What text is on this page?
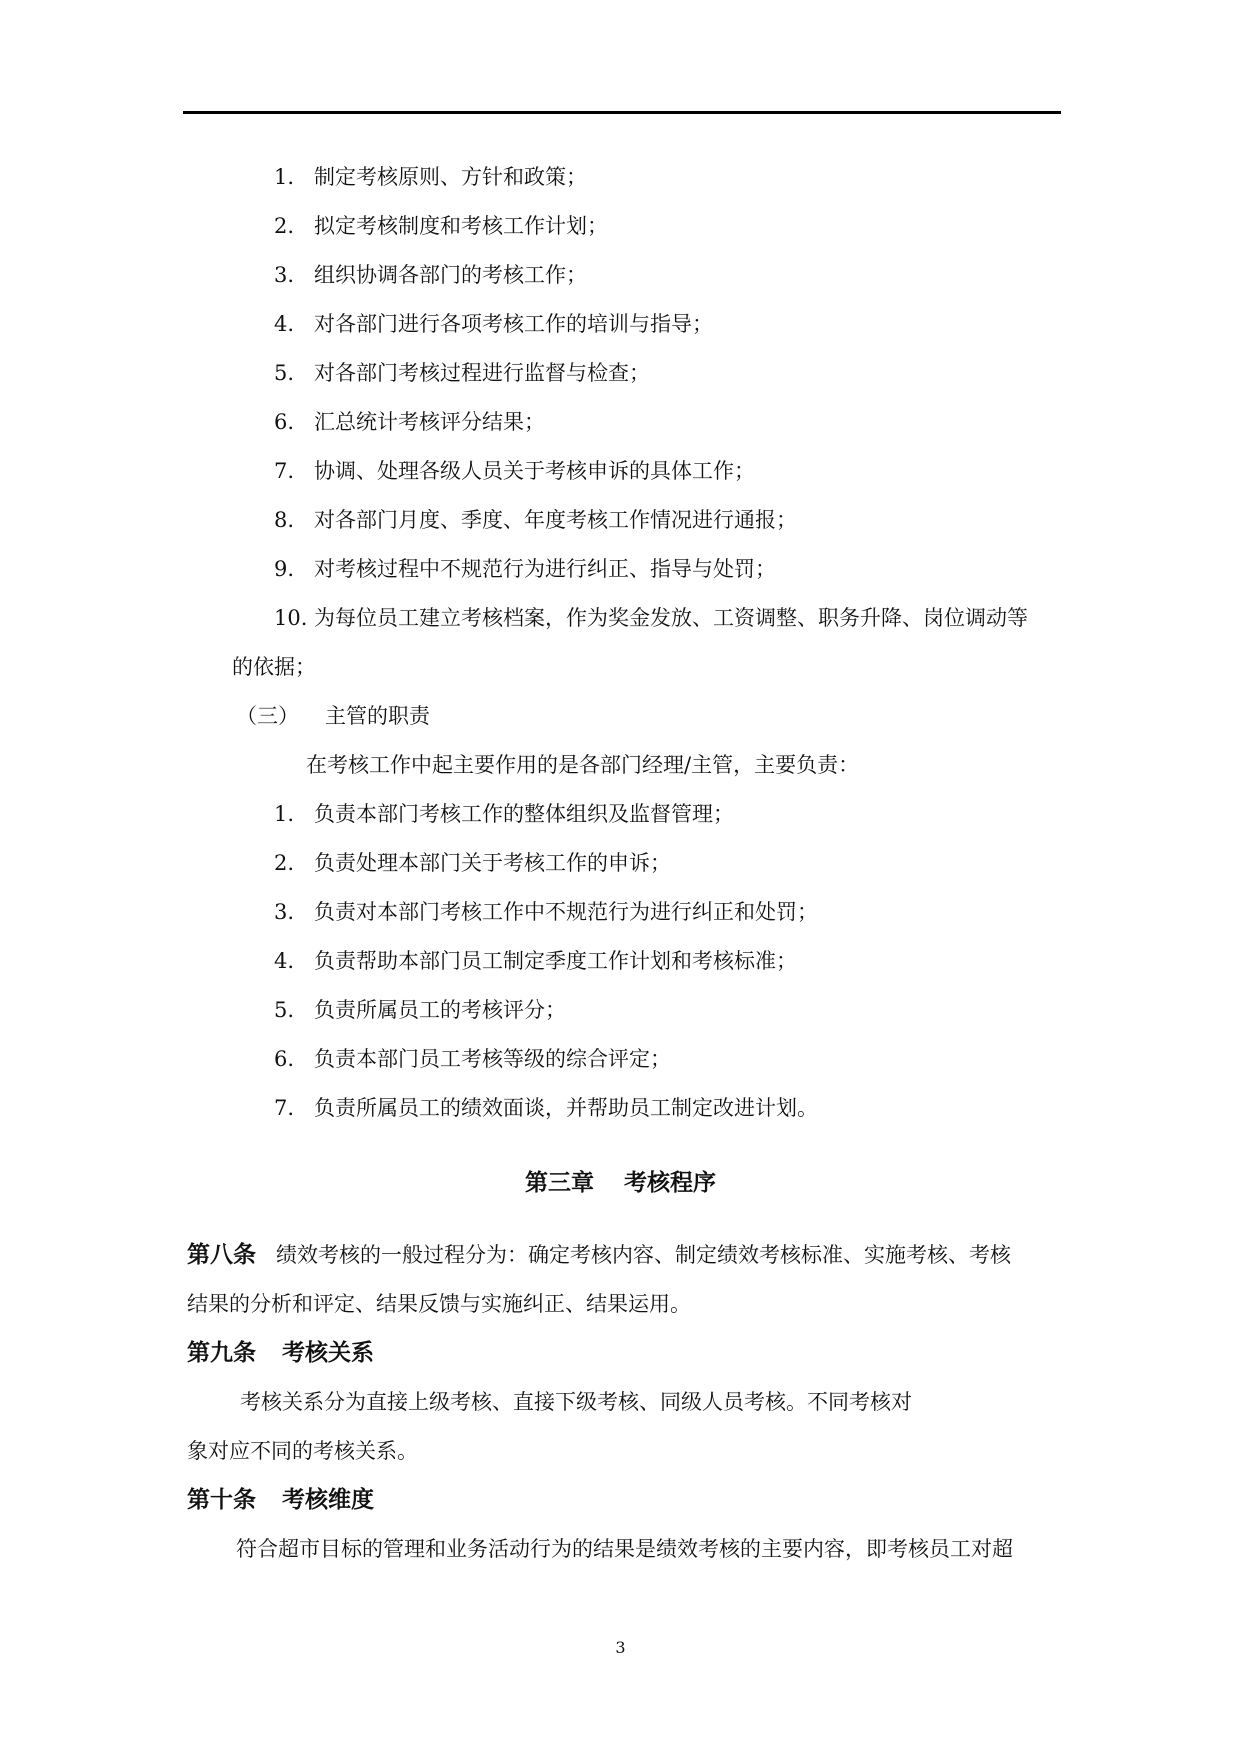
1. 制定考核原则、方针和政策；
2. 拟定考核制度和考核工作计划；
3. 组织协调各部门的考核工作；
4. 对各部门进行各项考核工作的培训与指导；
5. 对各部门考核过程进行监督与检查；
6. 汇总统计考核评分结果；
7. 协调、处理各级人员关于考核申诉的具体工作；
8. 对各部门月度、季度、年度考核工作情况进行通报；
9. 对考核过程中不规范行为进行纠正、指导与处罚；
10. 为每位员工建立考核档案，作为奖金发放、工资调整、职务升降、岗位调动等
的依据；
（三） 主管的职责
在考核工作中起主要作用的是各部门经理/主管，主要负责：
1. 负责本部门考核工作的整体组织及监督管理；
2. 负责处理本部门关于考核工作的申诉；
3. 负责对本部门考核工作中不规范行为进行纠正和处罚；
4. 负责帮助本部门员工制定季度工作计划和考核标准；
5. 负责所属员工的考核评分；
6. 负责本部门员工考核等级的综合评定；
7. 负责所属员工的绩效面谈，并帮助员工制定改进计划。
第三章 考核程序
第八条 绩效考核的一般过程分为：确定考核内容、制定绩效考核标准、实施考核、考核
结果的分析和评定、结果反馈与实施纠正、结果运用。
第九条 考核关系
考核关系分为直接上级考核、直接下级考核、同级人员考核。不同考核对
象对应不同的考核关系。
第十条 考核维度
符合超市目标的管理和业务活动行为的结果是绩效考核的主要内容，即考核员工对超
3
